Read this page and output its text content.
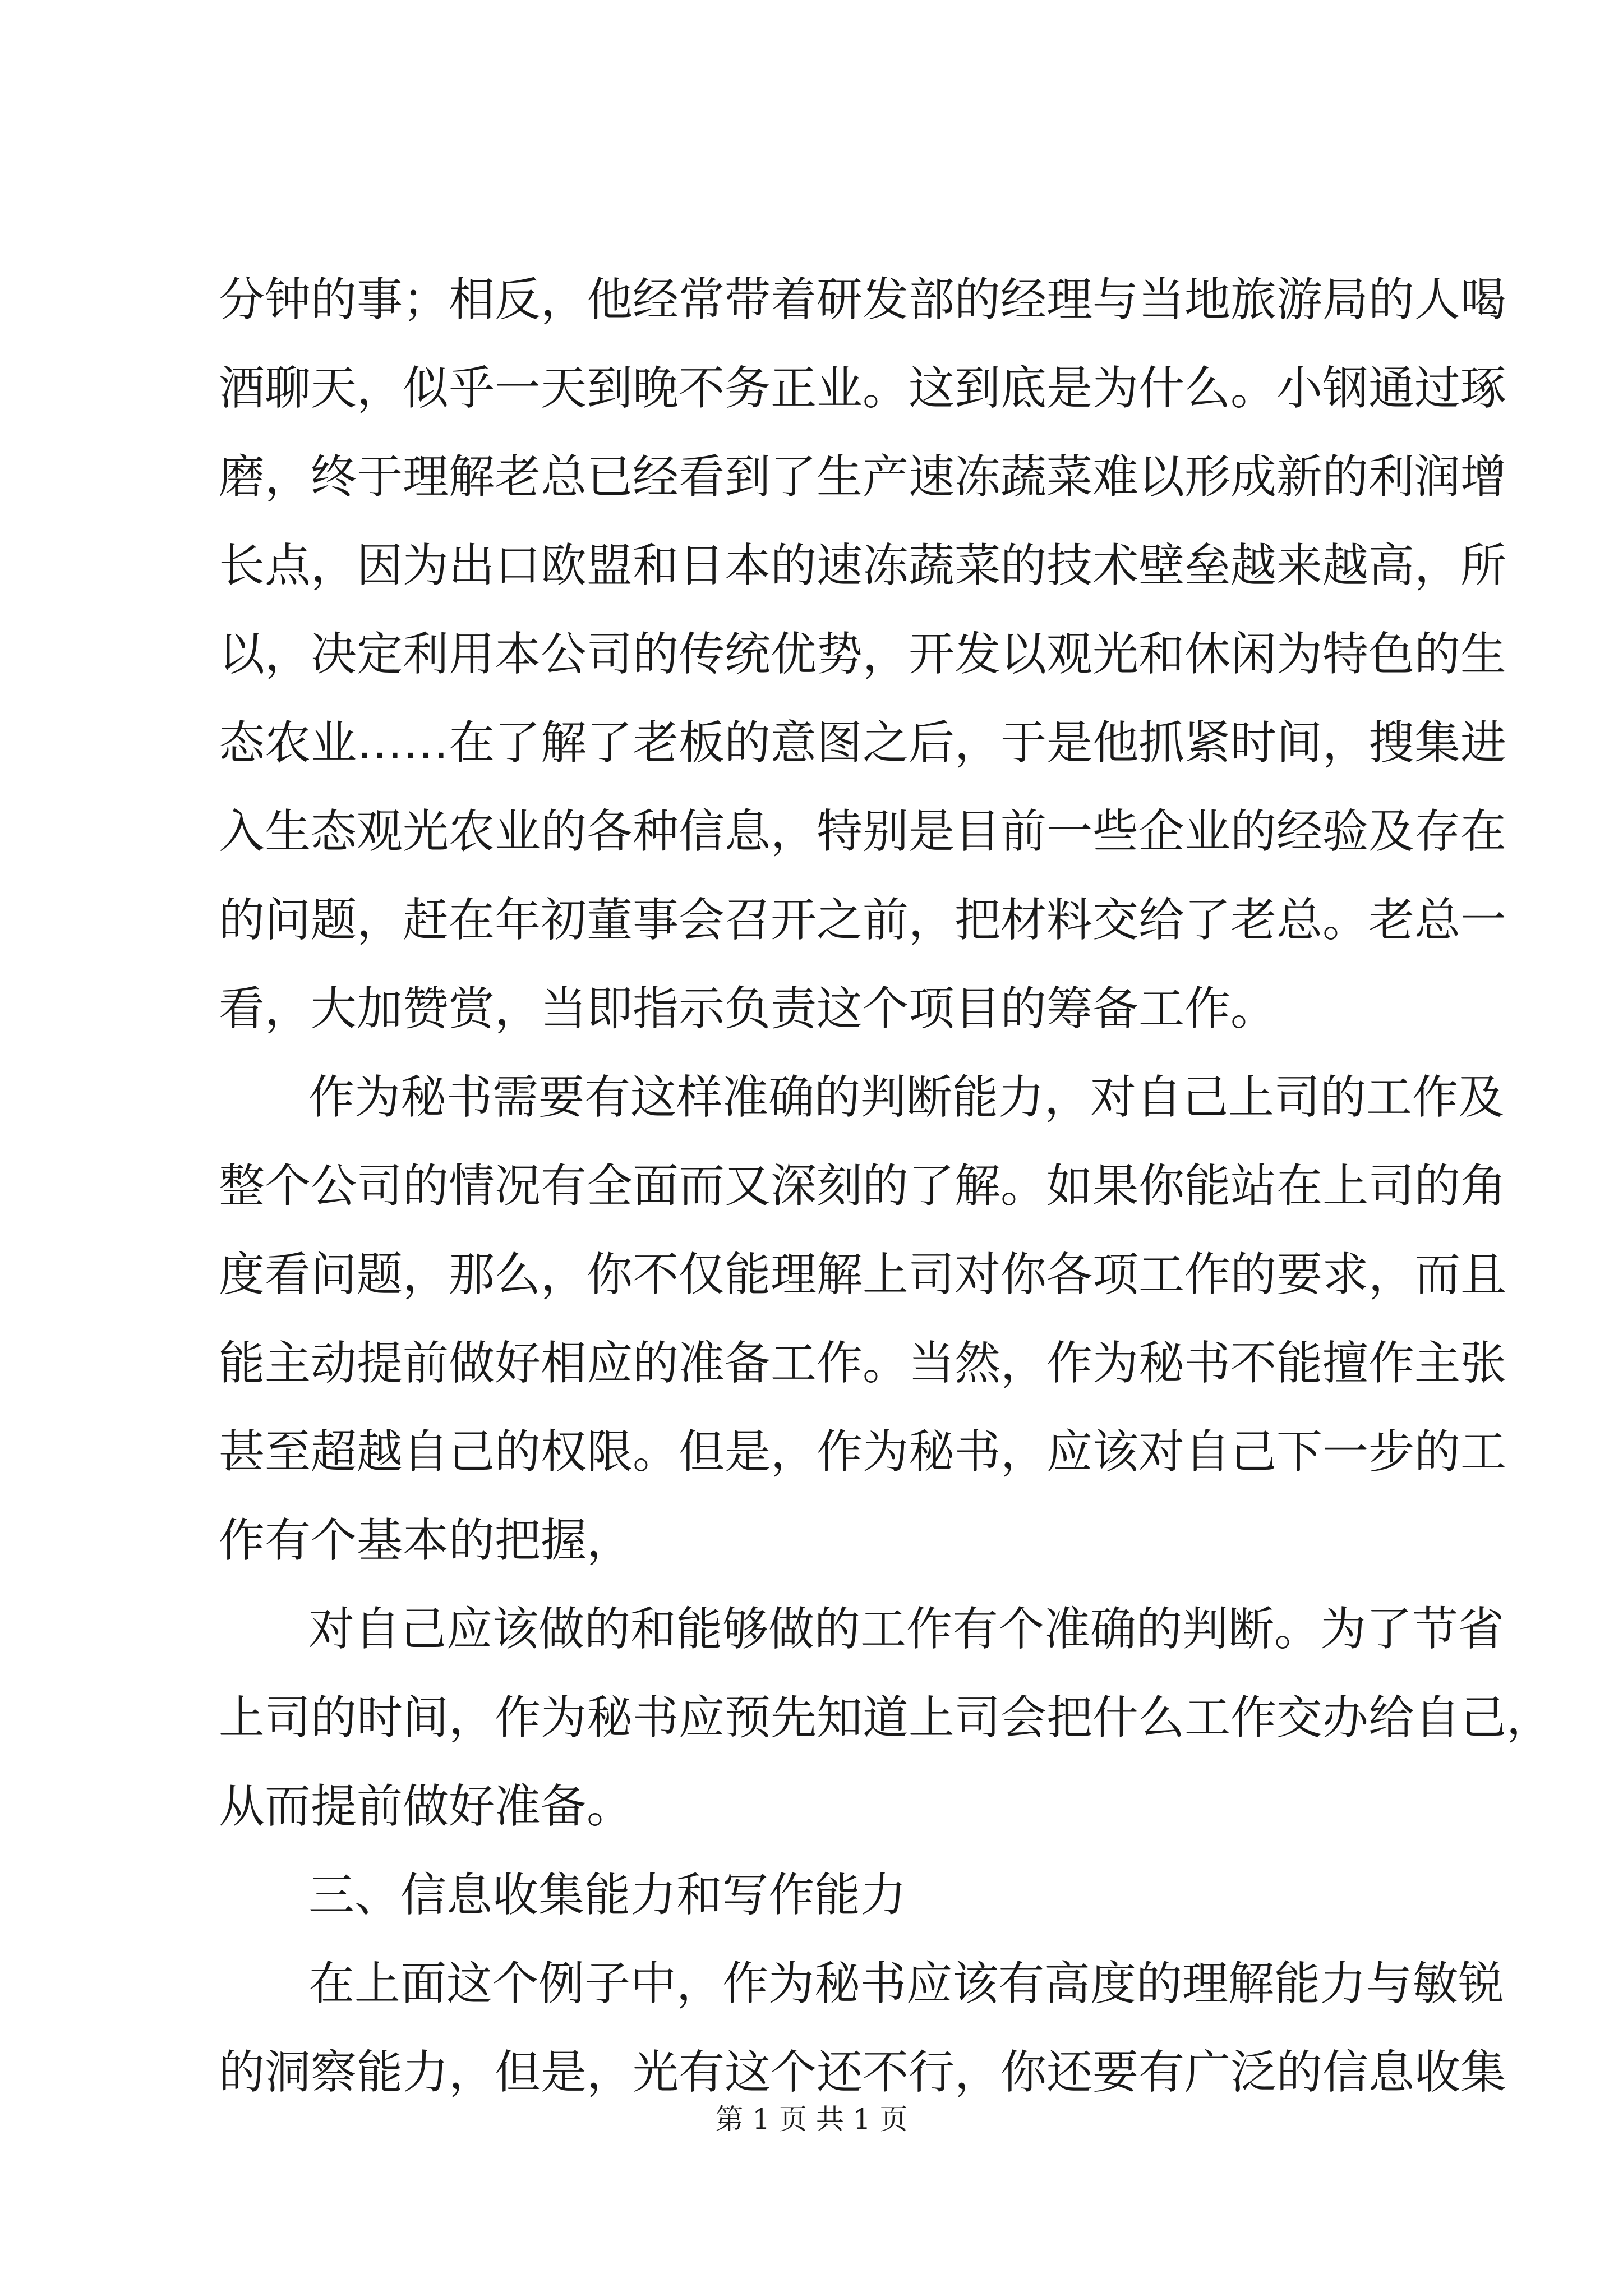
分钟的事；相反，他经常带着研发部的经理与当地旅游局的人喝
酒聊天，似乎一天到晚不务正业。这到底是为什么。小钢通过琢
磨，终于理解老总已经看到了生产速冻蔬菜难以形成新的利润增
长点，因为出口欧盟和日本的速冻蔬菜的技术壁垒越来越高，所
以，决定利用本公司的传统优势，开发以观光和休闲为特色的生
态农业……在了解了老板的意图之后，于是他抓紧时间，搜集进
入生态观光农业的各种信息，特别是目前一些企业的经验及存在
的问题，赶在年初董事会召开之前，把材料交给了老总。老总一
看，大加赞赏，当即指示负责这个项目的筹备工作。
作为秘书需要有这样准确的判断能力，对自己上司的工作及
整个公司的情况有全面而又深刻的了解。如果你能站在上司的角
度看问题，那么，你不仅能理解上司对你各项工作的要求，而且
能主动提前做好相应的准备工作。当然，作为秘书不能擅作主张
甚至超越自己的权限。但是，作为秘书，应该对自己下一步的工
作有个基本的把握，
对自己应该做的和能够做的工作有个准确的判断。为了节省
上司的时间，作为秘书应预先知道上司会把什么工作交办给自己，
从而提前做好准备。
三、信息收集能力和写作能力
在上面这个例子中，作为秘书应该有高度的理解能力与敏锐
的洞察能力，但是，光有这个还不行，你还要有广泛的信息收集
第 1 页 共 1 页
